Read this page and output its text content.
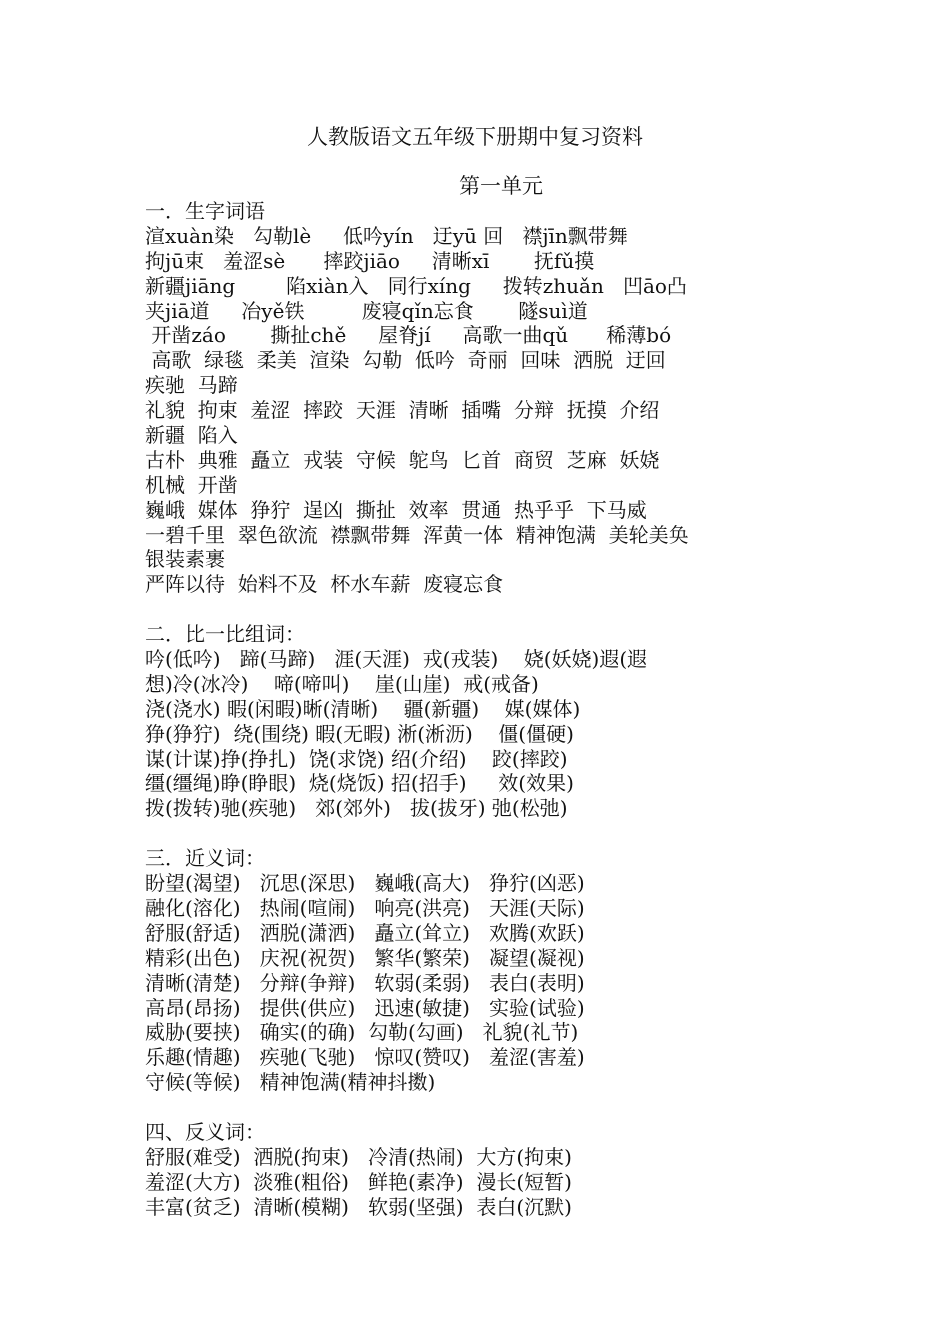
人教版语文五年级下册期中复习资料
第一单元
一．生字词语
渲xuàn染   勾勒lè     低吟yín   迂yū 回   襟jīn飘带舞
拘jū束   羞涩sè      摔跤jiāo     清晰xī       抚fǔ摸
新疆jiāng        陷xiàn入   同行xíng     拨转zhuǎn   凹āo凸
夹jiā道     冶yě铁         废寝qǐn忘食       隧suì道
开凿záo       撕扯chě     屋脊jí     高歌一曲qǔ      稀薄bó
高歌  绿毯  柔美  渲染  勾勒  低吟  奇丽  回味  洒脱  迂回
疾驰  马蹄
礼貌  拘束  羞涩  摔跤  天涯  清晰  插嘴  分辩  抚摸  介绍
新疆  陷入
古朴  典雅  矗立  戎装  守候  鸵鸟  匕首  商贸  芝麻  妖娆
机械  开凿
巍峨  媒体  狰狞  逞凶  撕扯  效率  贯通  热乎乎  下马威
一碧千里  翠色欲流  襟飘带舞  浑黄一体  精神饱满  美轮美奂
银装素裹
严阵以待  始料不及  杯水车薪  废寝忘食
二．比一比组词：
吟(低吟)   蹄(马蹄)   涯(天涯)  戎(戎装)    娆(妖娆)遐(遐
想)冷(冰冷)    啼(啼叫)    崖(山崖)  戒(戒备)
浇(浇水) 暇(闲暇)晰(清晰)    疆(新疆)    媒(媒体)
狰(狰狞)  绕(围绕) 暇(无暇) 淅(淅沥)    僵(僵硬)
谋(计谋)挣(挣扎)  饶(求饶) 绍(介绍)    跤(摔跤)
缰(缰绳)睁(睁眼)  烧(烧饭) 招(招手)     效(效果)
拨(拨转)驰(疾驰)   郊(郊外)   拔(拔牙) 弛(松弛)
三．近义词：
盼望(渴望)   沉思(深思)   巍峨(高大)   狰狞(凶恶)
融化(溶化)   热闹(喧闹)   响亮(洪亮)   天涯(天际)
舒服(舒适)   洒脱(潇洒)   矗立(耸立)   欢腾(欢跃)
精彩(出色)   庆祝(祝贺)   繁华(繁荣)   凝望(凝视)
清晰(清楚)   分辩(争辩)   软弱(柔弱)   表白(表明)
高昂(昂扬)   提供(供应)   迅速(敏捷)   实验(试验)
威胁(要挟)   确实(的确)  勾勒(勾画)   礼貌(礼节)
乐趣(情趣)   疾驰(飞驰)   惊叹(赞叹)   羞涩(害羞)
守候(等候)   精神饱满(精神抖擞)
四、反义词：
舒服(难受)  洒脱(拘束)   冷清(热闹)  大方(拘束)
羞涩(大方)  淡雅(粗俗)   鲜艳(素净)  漫长(短暂)
丰富(贫乏)  清晰(模糊)   软弱(坚强)  表白(沉默)
